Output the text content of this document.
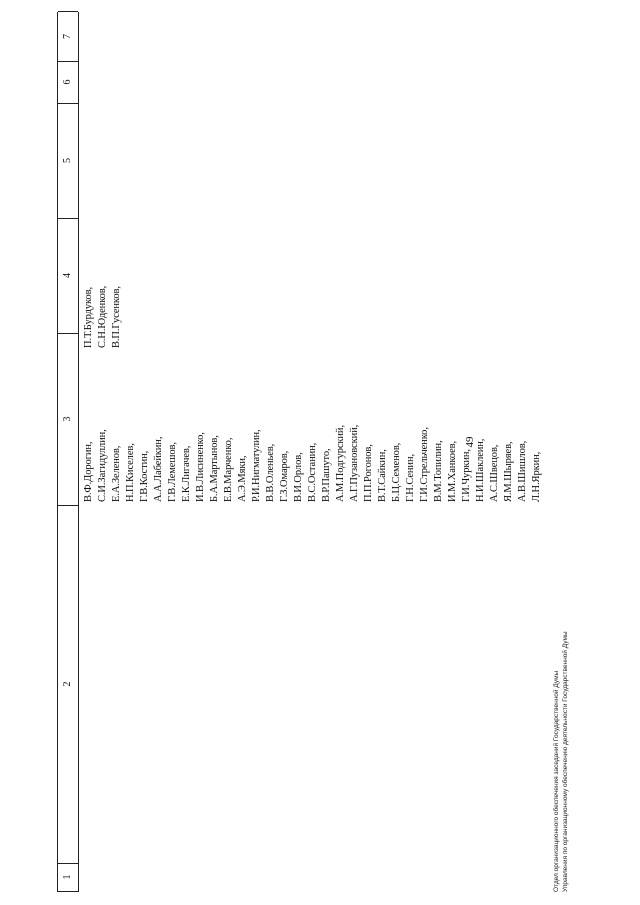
49
1
2
3
4
5
6
7
В.Ф.Дорогин, С.И.Загидуллин, Е.А.Зеленов, Н.П.Киселев, Г.В.Костин, А.А.Лабейкин, Г.В.Лемешов, Е.К.Лигачев, И.В.Лисиненко, Б.А.Мартынов, Е.В.Марченко, А.Э.Мяки, Р.И.Нигматулин, В.В.Оленьев, Г.З.Омаров, В.И.Орлов, В.С.Останин, В.Р.Пашуто, А.М.Подгурский, А.Г.Пузановский, П.П.Рогонов, В.Т.Сайкин, Б.Ц.Семенов, Г.Н.Сенин, Г.И.Стрельченко, В.М.Топилин, И.М.Ханкоев, Г.И.Чуркин, Н.И.Шаклеин, А.С.Швецов, Я.М.Шыряев, А.В.Шишлов, Л.Н.Яркин,
П.Т.Бурдуков, С.Н.Юденков, В.П.Гусенков,
Отдел организационного обеспечения заседаний Государственной Думы Управления по организационному обеспечению деятельности Государственной Думы
